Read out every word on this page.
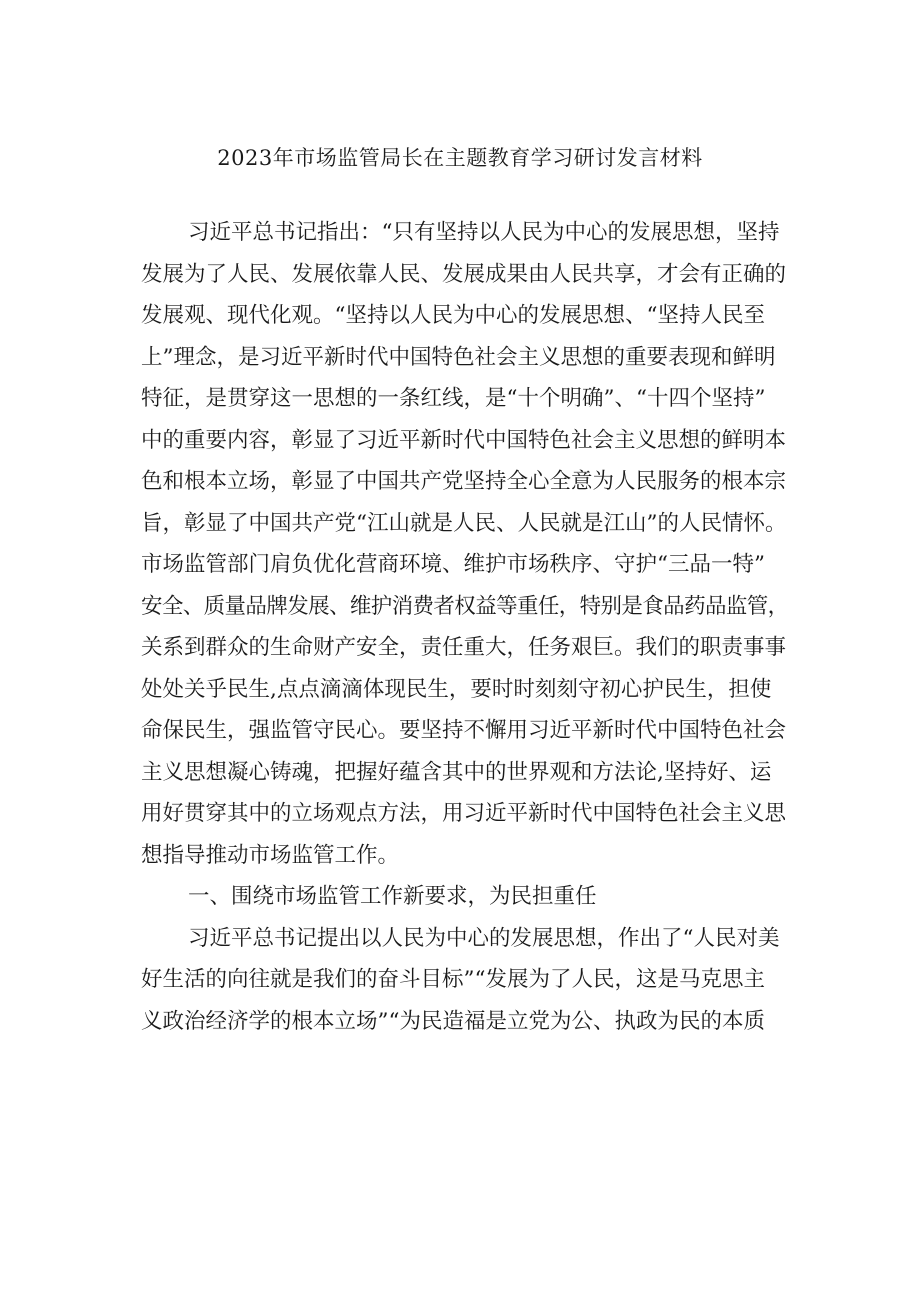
2023年市场监管局长在主题教育学习研讨发言材料
习近平总书记指出：“只有坚持以人民为中心的发展思想，坚持
发展为了人民、发展依靠人民、发展成果由人民共享，才会有正确的
发展观、现代化观。“坚持以人民为中心的发展思想、“坚持人民至
上”理念，是习近平新时代中国特色社会主义思想的重要表现和鲜明
特征，是贯穿这一思想的一条红线，是“十个明确”、“十四个坚持”
中的重要内容，彰显了习近平新时代中国特色社会主义思想的鲜明本
色和根本立场，彰显了中国共产党坚持全心全意为人民服务的根本宗
旨，彰显了中国共产党“江山就是人民、人民就是江山”的人民情怀。
市场监管部门肩负优化营商环境、维护市场秩序、守护“三品一特”
安全、质量品牌发展、维护消费者权益等重任，特别是食品药品监管，
关系到群众的生命财产安全，责任重大，任务艰巨。我们的职责事事
处处关乎民生,点点滴滴体现民生，要时时刻刻守初心护民生，担使
命保民生，强监管守民心。要坚持不懈用习近平新时代中国特色社会
主义思想凝心铸魂，把握好蕴含其中的世界观和方法论,坚持好、运
用好贯穿其中的立场观点方法，用习近平新时代中国特色社会主义思
想指导推动市场监管工作。
一、围绕市场监管工作新要求，为民担重任
习近平总书记提出以人民为中心的发展思想，作出了“人民对美
好生活的向往就是我们的奋斗目标”“发展为了人民，这是马克思主
义政治经济学的根本立场”“为民造福是立党为公、执政为民的本质
